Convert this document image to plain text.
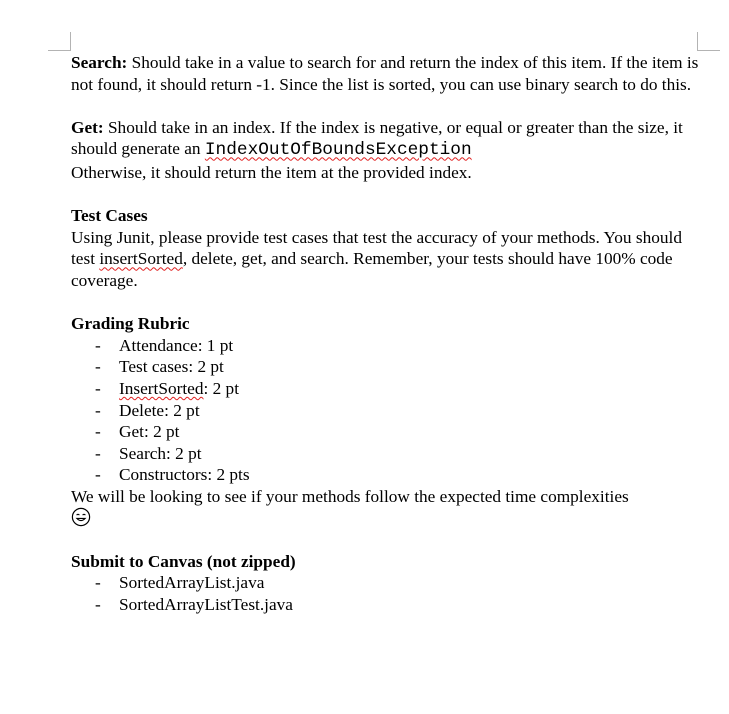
Search: Should take in a value to search for and return the index of this item. If the item is not found, it should return -1. Since the list is sorted, you can use binary search to do this.

Get: Should take in an index. If the index is negative, or equal or greater than the size, it should generate an IndexOutOfBoundsException

Otherwise, it should return the item at the provided index.

Test Cases

Using Junit, please provide test cases that test the accuracy of your methods. You should test insertSorted, delete, get, and search. Remember, your tests should have 100% code coverage.

Grading Rubric

- Attendance: 1 pt
- Test cases: 2 pt
- InsertSorted: 2 pt
- Delete: 2 pt
- Get: 2 pt
- Search: 2 pt
- Constructors: 2 pts

We will be looking to see if your methods follow the expected time complexities

Submit to Canvas (not zipped)

- SortedArrayList.java
- SortedArrayListTest.java
